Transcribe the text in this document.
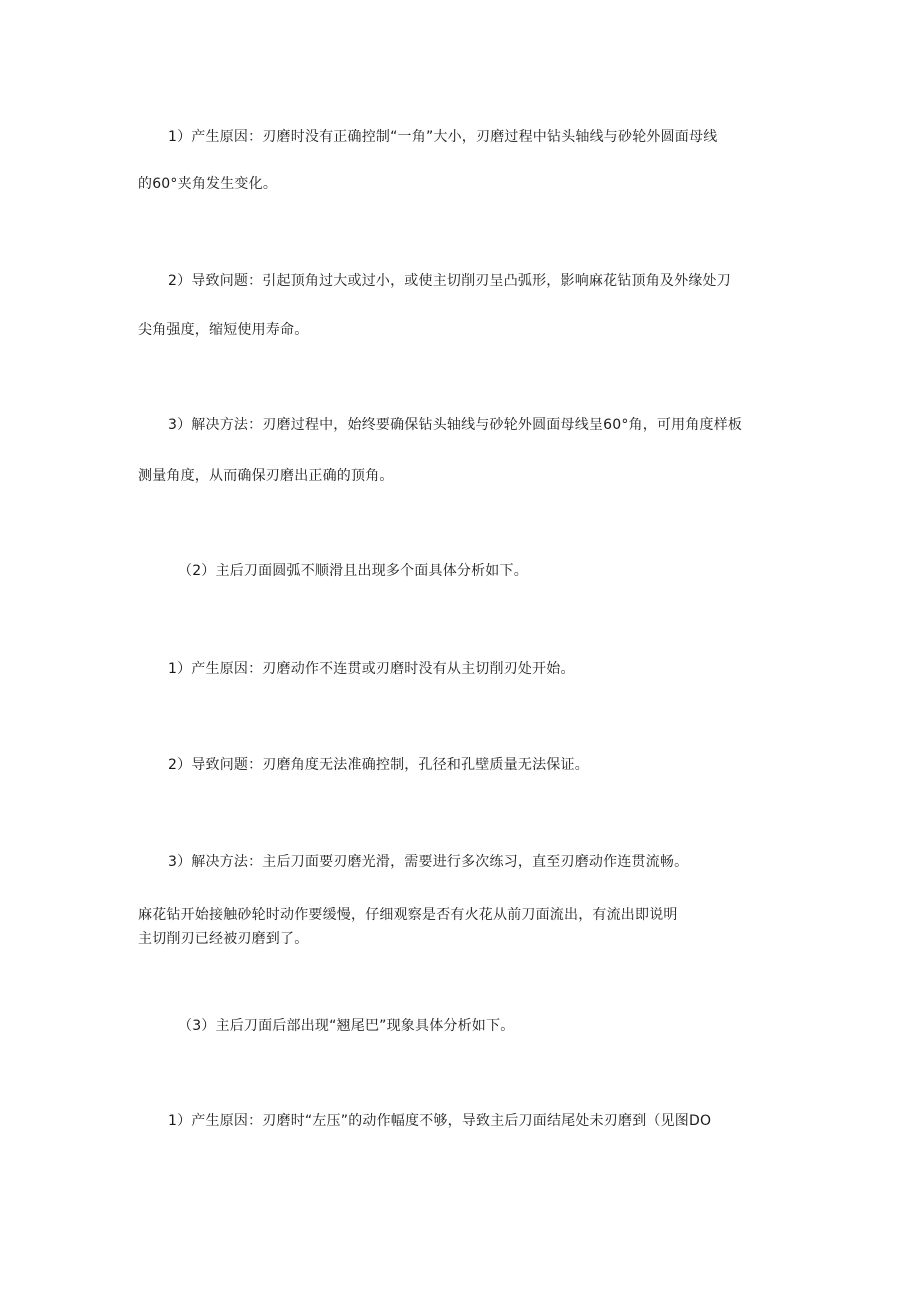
1）产生原因：刃磨时没有正确控制“一角”大小，刃磨过程中钻头轴线与砂轮外圆面母线
的60°夹角发生变化。
2）导致问题：引起顶角过大或过小，或使主切削刃呈凸弧形，影响麻花钻顶角及外缘处刀
尖角强度，缩短使用寿命。
3）解决方法：刃磨过程中，始终要确保钻头轴线与砂轮外圆面母线呈60°角，可用角度样板
测量角度，从而确保刃磨出正确的顶角。
（2）主后刀面圆弧不顺滑且出现多个面具体分析如下。
1）产生原因：刃磨动作不连贯或刃磨时没有从主切削刃处开始。
2）导致问题：刃磨角度无法准确控制，孔径和孔壁质量无法保证。
3）解决方法：主后刀面要刃磨光滑，需要进行多次练习，直至刃磨动作连贯流畅。
麻花钻开始接触砂轮时动作要缓慢，仔细观察是否有火花从前刀面流出，有流出即说明
主切削刃已经被刃磨到了。
（3）主后刀面后部出现“翘尾巴”现象具体分析如下。
1）产生原因：刃磨时“左压”的动作幅度不够，导致主后刀面结尾处未刃磨到（见图DO
